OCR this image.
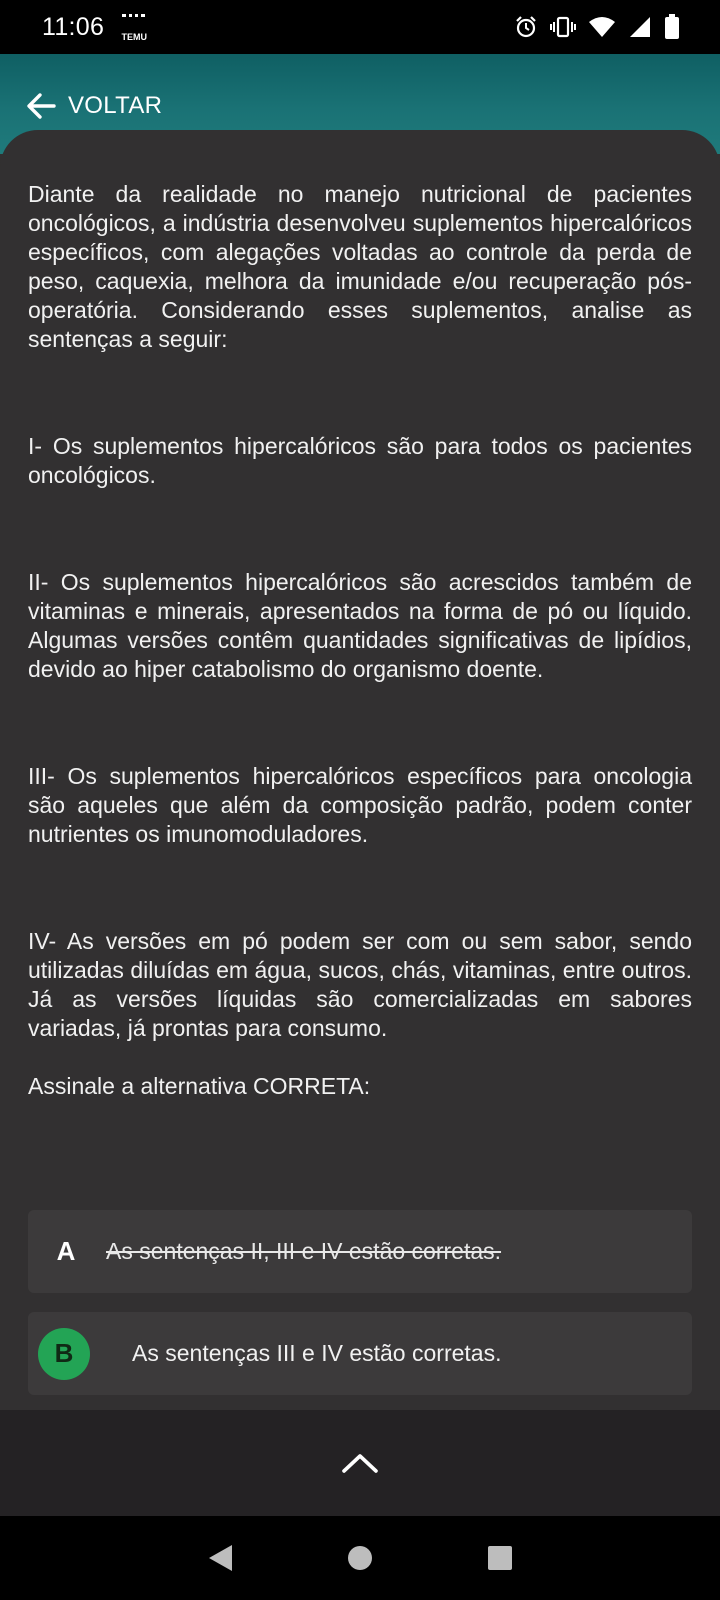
11:06 TEMU
VOLTAR

Diante da realidade no manejo nutricional de pacientes oncológicos, a indústria desenvolveu suplementos hipercalóricos específicos, com alegações voltadas ao controle da perda de peso, caquexia, melhora da imunidade e/ou recuperação pós-operatória. Considerando esses suplementos, analise as sentenças a seguir:

I- Os suplementos hipercalóricos são para todos os pacientes oncológicos.

II- Os suplementos hipercalóricos são acrescidos também de vitaminas e minerais, apresentados na forma de pó ou líquido. Algumas versões contêm quantidades significativas de lipídios, devido ao hiper catabolismo do organismo doente.

III- Os suplementos hipercalóricos específicos para oncologia são aqueles que além da composição padrão, podem conter nutrientes os imunomoduladores.

IV- As versões em pó podem ser com ou sem sabor, sendo utilizadas diluídas em água, sucos, chás, vitaminas, entre outros. Já as versões líquidas são comercializadas em sabores variadas, já prontas para consumo.

Assinale a alternativa CORRETA:

A	As sentenças II, III e IV estão corretas.
B	As sentenças III e IV estão corretas.
